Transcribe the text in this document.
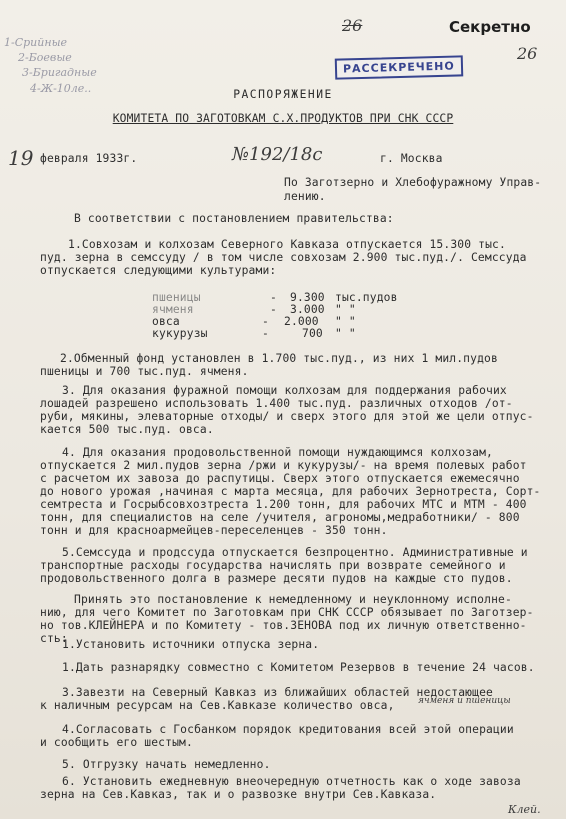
1-Срийные
2-Боевые
3-Бригадные
4-Ж-10ле..
26	Секретно
26
РАССЕКРЕЧЕНО
РАСПОРЯЖЕНИЕ
КОМИТЕТА ПО ЗАГОТОВКАМ С.Х.ПРОДУКТОВ ПРИ СНК СССР
19 февраля 1933г.	№192/18с	г. Москва
По Заготзерно и Хлебофуражному Управ-
лению.
В соответствии с постановлением правительства:
1.Совхозам и колхозам Северного Кавказа отпускается 15.300 тыс.
пуд. зерна в семссуду / в том числе совхозам 2.900 тыс.пуд./. Семссуда
отпускается следующими культурами:
пшеницы	- 9.300 тыс.пудов
ячменя	- 3.000 " "
овса	- 2.000 " "
кукурузы	-	700 " "
2.Обменный фонд установлен в 1.700 тыс.пуд., из них 1 мил.пудов
пшеницы и 700 тыс.пуд. ячменя.
3. Для оказания фуражной помощи колхозам для поддержания рабочих
лошадей разрешено использовать 1.400 тыс.пуд. различных отходов /от-
руби, мякины, элеваторные отходы/ и сверх этого для этой же цели отпус-
кается 500 тыс.пуд. овса.
4. Для оказания продовольственной помощи нуждающимся колхозам,
отпускается 2 мил.пудов зерна /ржи и кукурузы/- на время полевых работ
с расчетом их завоза до распутицы. Сверх этого отпускается ежемесячно
до нового урожая ,начиная с марта месяца, для рабочих Зернотреста, Сорт-
семтреста и Госрыбсовхозтреста 1.200 тонн, для рабочих МТС и МТМ - 400
тонн, для специалистов на селе /учителя, агрономы,медработники/ - 800
тонн и для красноармейцев-переселенцев - 350 тонн.
5.Семссуда и продссуда отпускается безпроцентно. Административные и
транспортные расходы государства начислять при возврате семейного и
продовольственного долга в размере десяти пудов на каждые сто пудов.
Принять это постановление к немедленному и неуклонному исполне-
нию, для чего Комитет по Заготовкам при СНК СССР обязывает по Заготзер-
но тов.КЛЕЙНЕРА и по Комитету - тов.ЗЕНОВА под их личную ответственно-
сть:
1.Установить источники отпуска зерна.
1.Дать разнарядку совместно с Комитетом Резервов в течение 24 часов.
3.Завезти на Северный Кавказ из ближайших областей недостающее
к наличным ресурсам на Сев.Кавказе количество овса,	ячменя и пшеницы
4.Согласовать с Госбанком порядок кредитования всей этой операции
и сообщить его шестым.
5. Отгрузку начать немедленно.
6. Установить ежедневную внеочередную отчетность как о ходе завоза
зерна на Сев.Кавказ, так и о развозке внутри Сев.Кавказа.
Клей.
